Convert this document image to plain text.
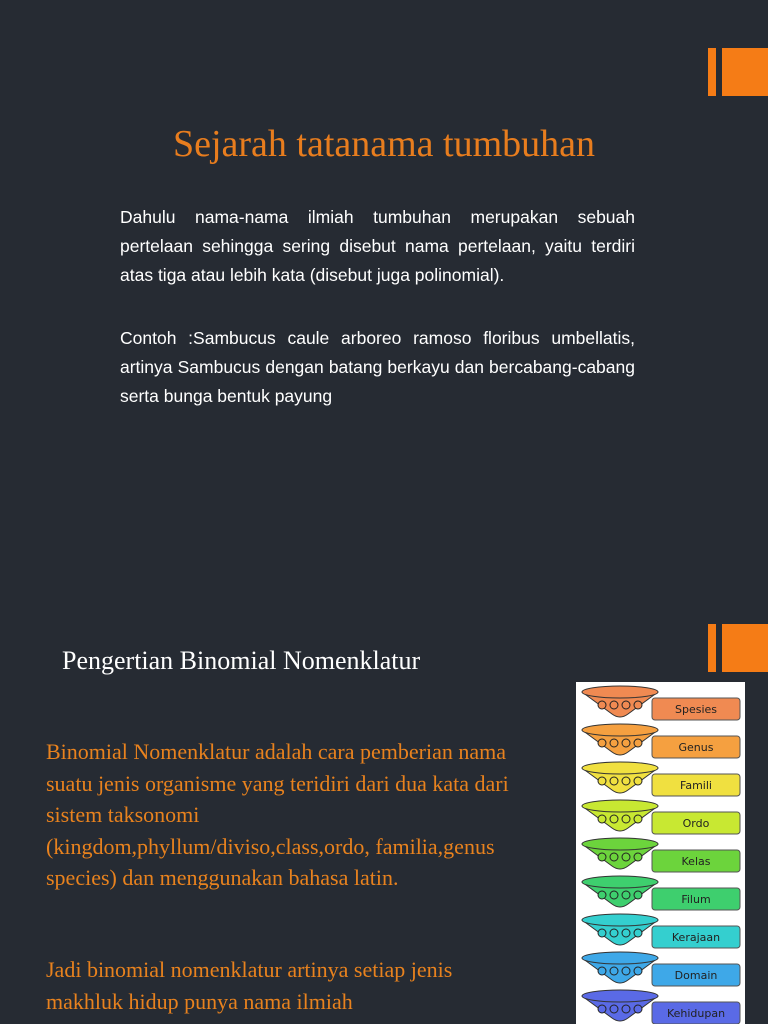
Sejarah tatanama tumbuhan

Dahulu nama-nama ilmiah tumbuhan merupakan sebuah pertelaan sehingga sering disebut nama pertelaan, yaitu terdiri atas tiga atau lebih kata (disebut juga polinomial).

Contoh :Sambucus caule arboreo ramoso floribus umbellatis, artinya Sambucus dengan batang berkayu dan bercabang-cabang serta bunga bentuk payung

Pengertian Binomial Nomenklatur

Binomial Nomenklatur adalah cara pemberian nama suatu jenis organisme yang teridiri dari dua kata dari sistem taksonomi (kingdom,phyllum/diviso,class,ordo, familia,genus species) dan menggunakan bahasa latin.

Jadi binomial nomenklatur artinya setiap jenis makhluk hidup punya nama ilmiah

Spesies
Genus
Famili
Ordo
Kelas
Filum
Kerajaan
Domain
Kehidupan
